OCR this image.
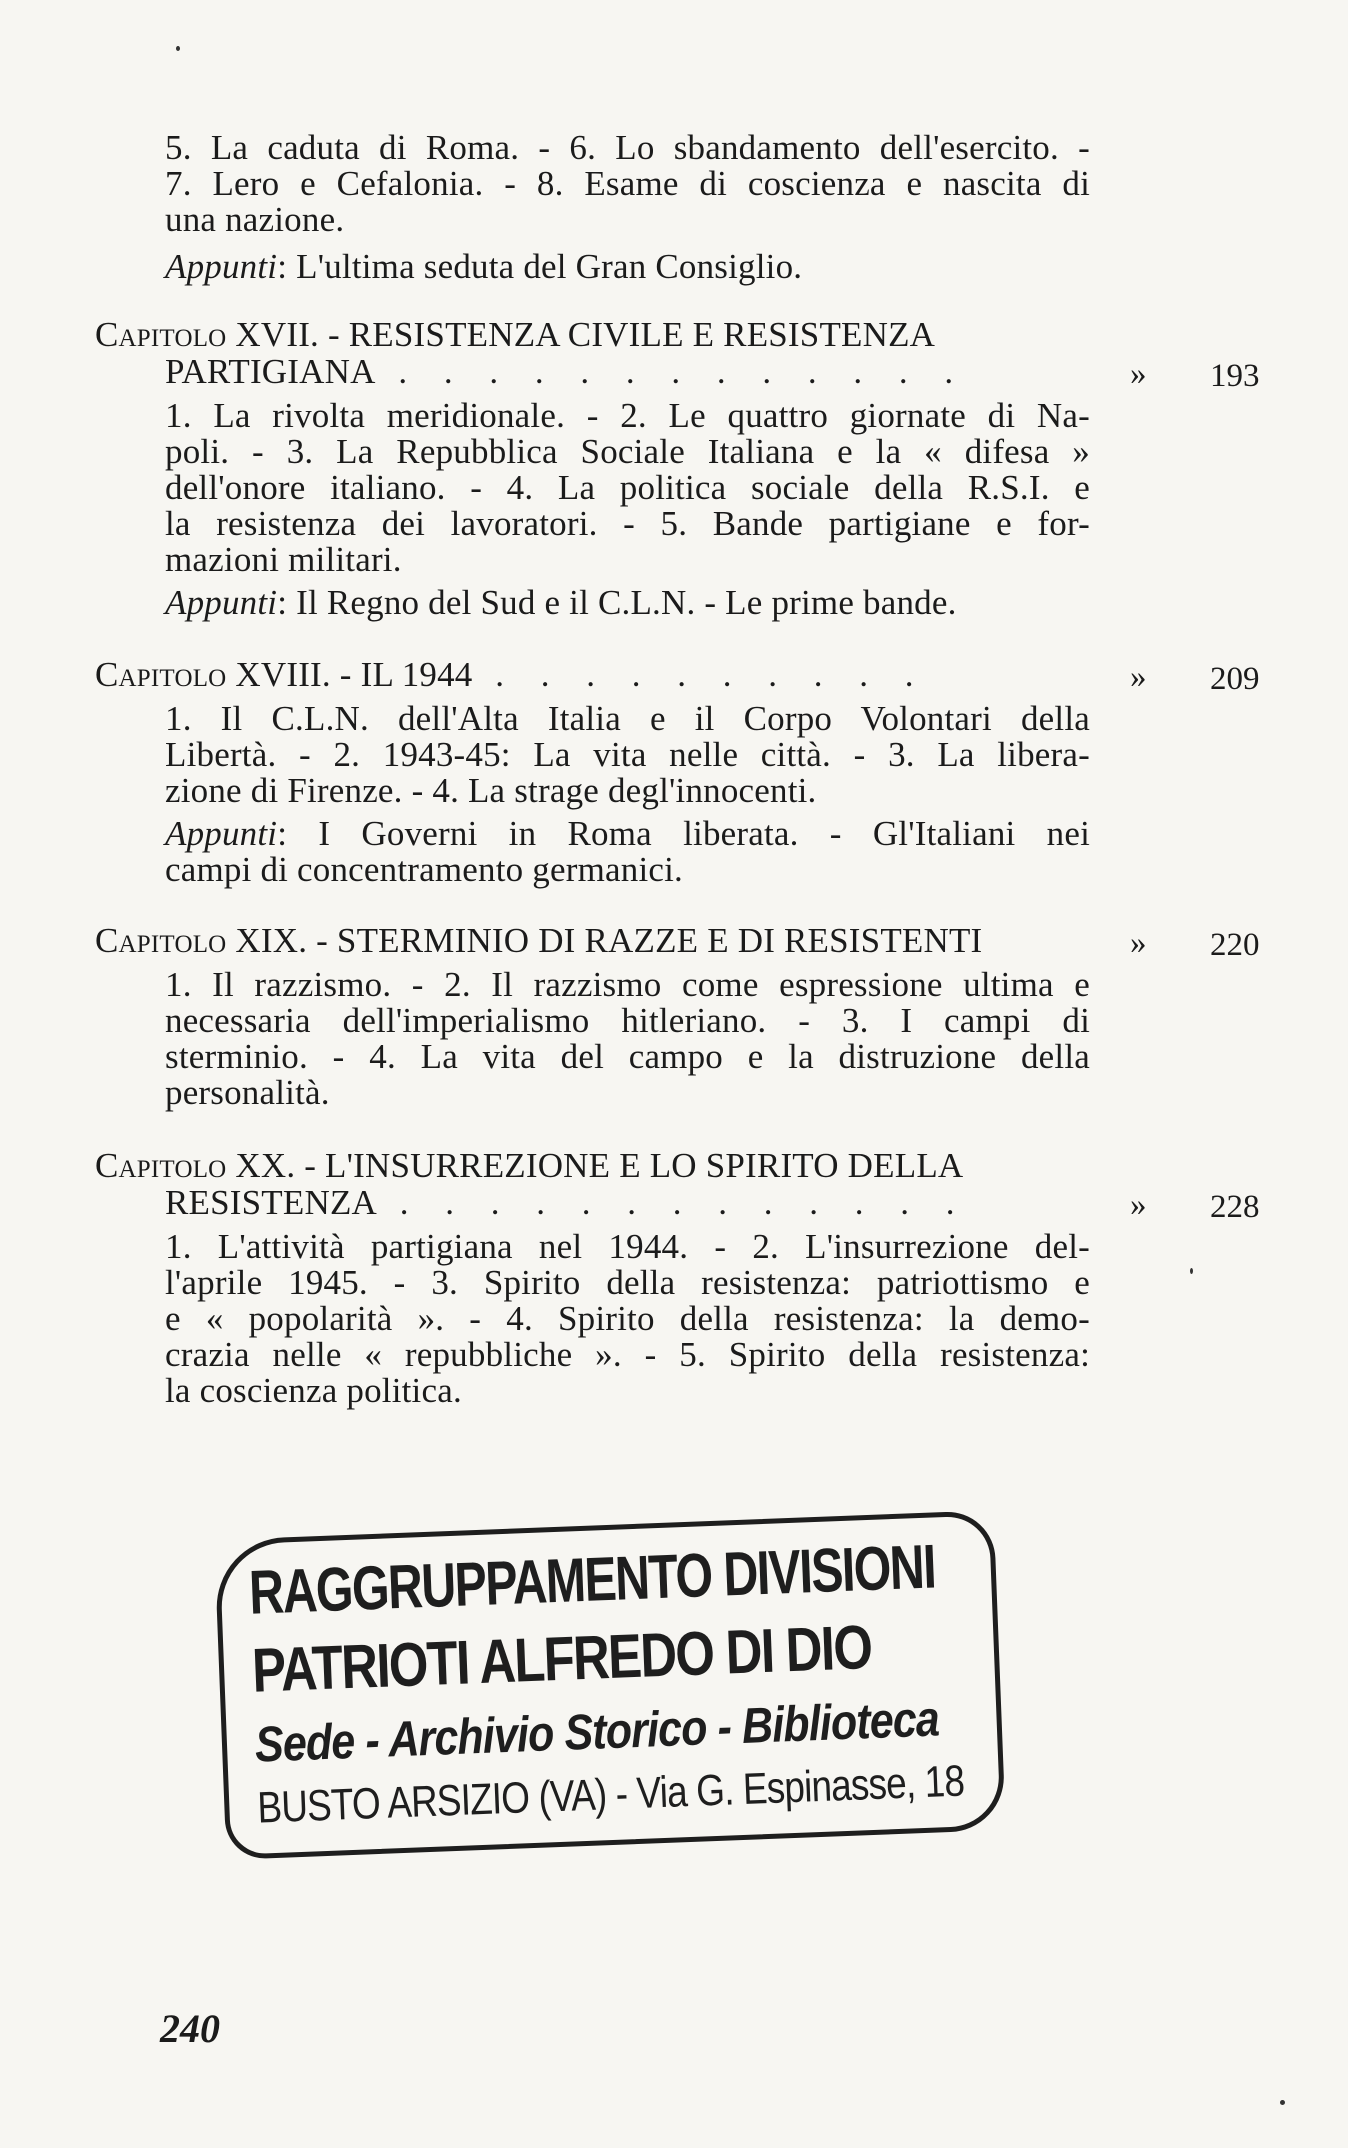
5. La caduta di Roma. - 6. Lo sbandamento dell'esercito. -
7. Lero e Cefalonia. - 8. Esame di coscienza e nascita di
una nazione.
Appunti: L'ultima seduta del Gran Consiglio.
Capitolo XVII. - RESISTENZA CIVILE E RESISTENZA
PARTIGIANA . . . . . . . . . . . . .	» 193
1. La rivolta meridionale. - 2. Le quattro giornate di Na-
poli. - 3. La Repubblica Sociale Italiana e la « difesa »
dell'onore italiano. - 4. La politica sociale della R.S.I. e
la resistenza dei lavoratori. - 5. Bande partigiane e for-
mazioni militari.
Appunti: Il Regno del Sud e il C.L.N. - Le prime bande.
Capitolo XVIII. - IL 1944 . . . . . . . . . .	» 209
1. Il C.L.N. dell'Alta Italia e il Corpo Volontari della
Libertà. - 2. 1943-45: La vita nelle città. - 3. La libera-
zione di Firenze. - 4. La strage degl'innocenti.
Appunti: I Governi in Roma liberata. - Gl'Italiani nei
campi di concentramento germanici.
Capitolo XIX. - STERMINIO DI RAZZE E DI RESISTENTI	» 220
1. Il razzismo. - 2. Il razzismo come espressione ultima e
necessaria dell'imperialismo hitleriano. - 3. I campi di
sterminio. - 4. La vita del campo e la distruzione della
personalità.
Capitolo XX. - L'INSURREZIONE E LO SPIRITO DELLA
RESISTENZA . . . . . . . . . . . . .	» 228
1. L'attività partigiana nel 1944. - 2. L'insurrezione del-
l'aprile 1945. - 3. Spirito della resistenza: patriottismo e
e « popolarità ». - 4. Spirito della resistenza: la demo-
crazia nelle « repubbliche ». - 5. Spirito della resistenza:
la coscienza politica.
RAGGRUPPAMENTO DIVISIONI
PATRIOTI ALFREDO DI DIO
Sede - Archivio Storico - Biblioteca
BUSTO ARSIZIO (VA) - Via G. Espinasse, 18
240
